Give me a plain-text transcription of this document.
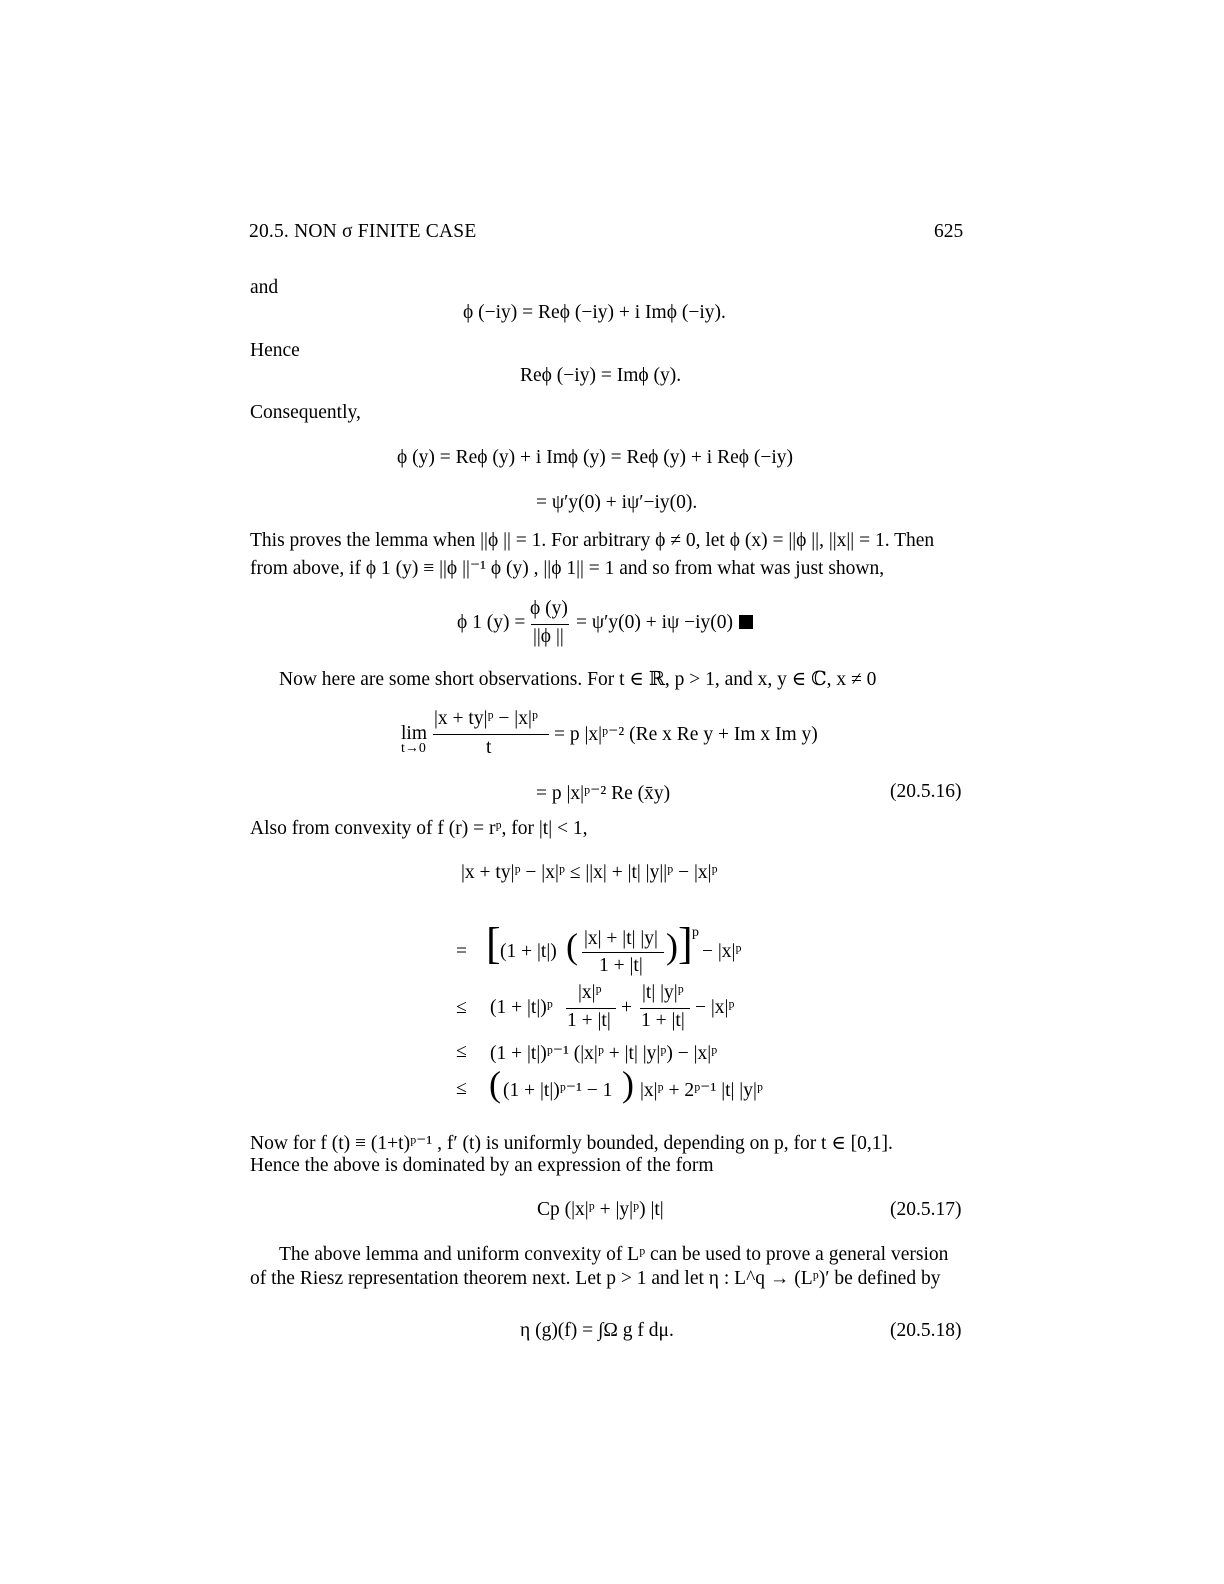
20.5. NON σ FINITE CASE	625
and
ϕ (−iy) = Reϕ (−iy) + i Imϕ (−iy).
Hence
Reϕ (−iy) = Imϕ (y).
Consequently,
ϕ (y) = Reϕ (y) + i Imϕ (y) = Reϕ (y) + i Reϕ (−iy)
= ψ′y(0) + iψ′−iy(0).
This proves the lemma when ||ϕ || = 1. For arbitrary ϕ ≠ 0, let ϕ (x) = ||ϕ ||, ||x|| = 1. Then
from above, if ϕ 1 (y) ≡ ||ϕ ||⁻¹ ϕ (y) , ||ϕ 1|| = 1 and so from what was just shown,
ϕ 1 (y) =
ϕ (y)
||ϕ ||
= ψ′y(0) + iψ −iy(0)
Now here are some short observations. For t ∈ ℝ, p > 1, and x, y ∈ ℂ, x ≠ 0
lim
t→0
|x + ty|ᵖ − |x|ᵖ
t
= p |x|ᵖ⁻² (Re x Re y + Im x Im y)
= p |x|ᵖ⁻² Re (x̄y)	(20.5.16)
Also from convexity of f (r) = rᵖ, for |t| < 1,
|x + ty|ᵖ − |x|ᵖ ≤ ||x| + |t| |y||ᵖ − |x|ᵖ
= [ (1 + |t|) ( |x| + |t| |y|
1 + |t| ) ] p
− |x|ᵖ
≤ (1 + |t|)ᵖ
|x|ᵖ
1 + |t|
+
|t| |y|ᵖ
1 + |t|
− |x|ᵖ
≤ (1 + |t|)ᵖ⁻¹ (|x|ᵖ + |t| |y|ᵖ) − |x|ᵖ
≤ ( (1 + |t|)ᵖ⁻¹ − 1 ) |x|ᵖ + 2ᵖ⁻¹ |t| |y|ᵖ
Now for f (t) ≡ (1+t)ᵖ⁻¹ , f′ (t) is uniformly bounded, depending on p, for t ∈ [0,1].
Hence the above is dominated by an expression of the form
Cp (|x|ᵖ + |y|ᵖ) |t|	(20.5.17)
The above lemma and uniform convexity of Lᵖ can be used to prove a general version
of the Riesz representation theorem next. Let p > 1 and let η : L^q → (Lᵖ)′ be defined by
η (g)(f) = ∫Ω g f dμ.	(20.5.18)
